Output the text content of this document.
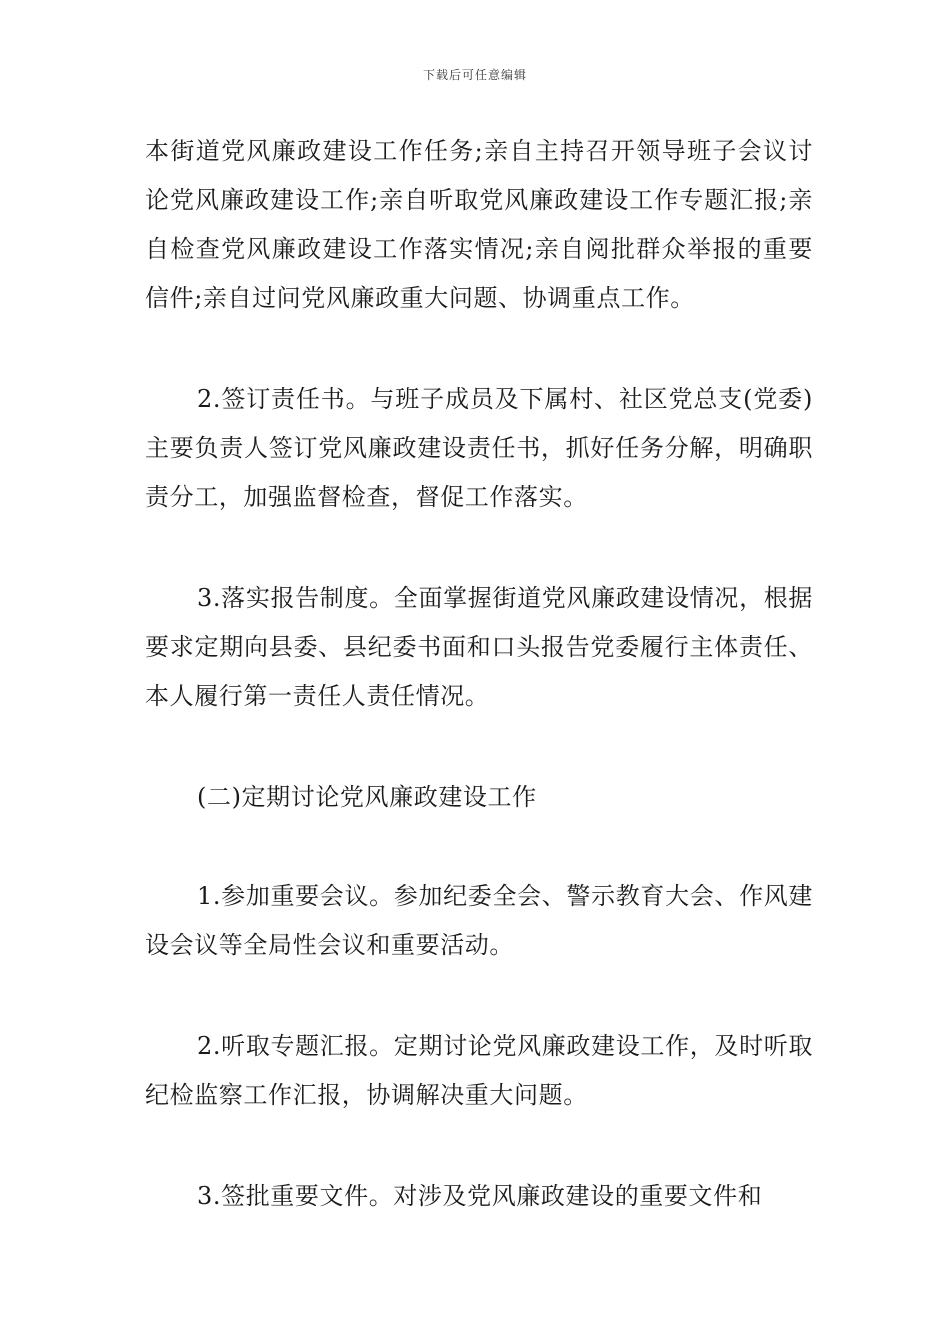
下载后可任意编辑

本街道党风廉政建设工作任务;亲自主持召开领导班子会议讨论党风廉政建设工作;亲自听取党风廉政建设工作专题汇报;亲自检查党风廉政建设工作落实情况;亲自阅批群众举报的重要信件;亲自过问党风廉政重大问题、协调重点工作。

2.签订责任书。与班子成员及下属村、社区党总支(党委)主要负责人签订党风廉政建设责任书，抓好任务分解，明确职责分工，加强监督检查，督促工作落实。

3.落实报告制度。全面掌握街道党风廉政建设情况，根据要求定期向县委、县纪委书面和口头报告党委履行主体责任、本人履行第一责任人责任情况。

(二)定期讨论党风廉政建设工作

1.参加重要会议。参加纪委全会、警示教育大会、作风建设会议等全局性会议和重要活动。

2.听取专题汇报。定期讨论党风廉政建设工作，及时听取纪检监察工作汇报，协调解决重大问题。

3.签批重要文件。对涉及党风廉政建设的重要文件和
